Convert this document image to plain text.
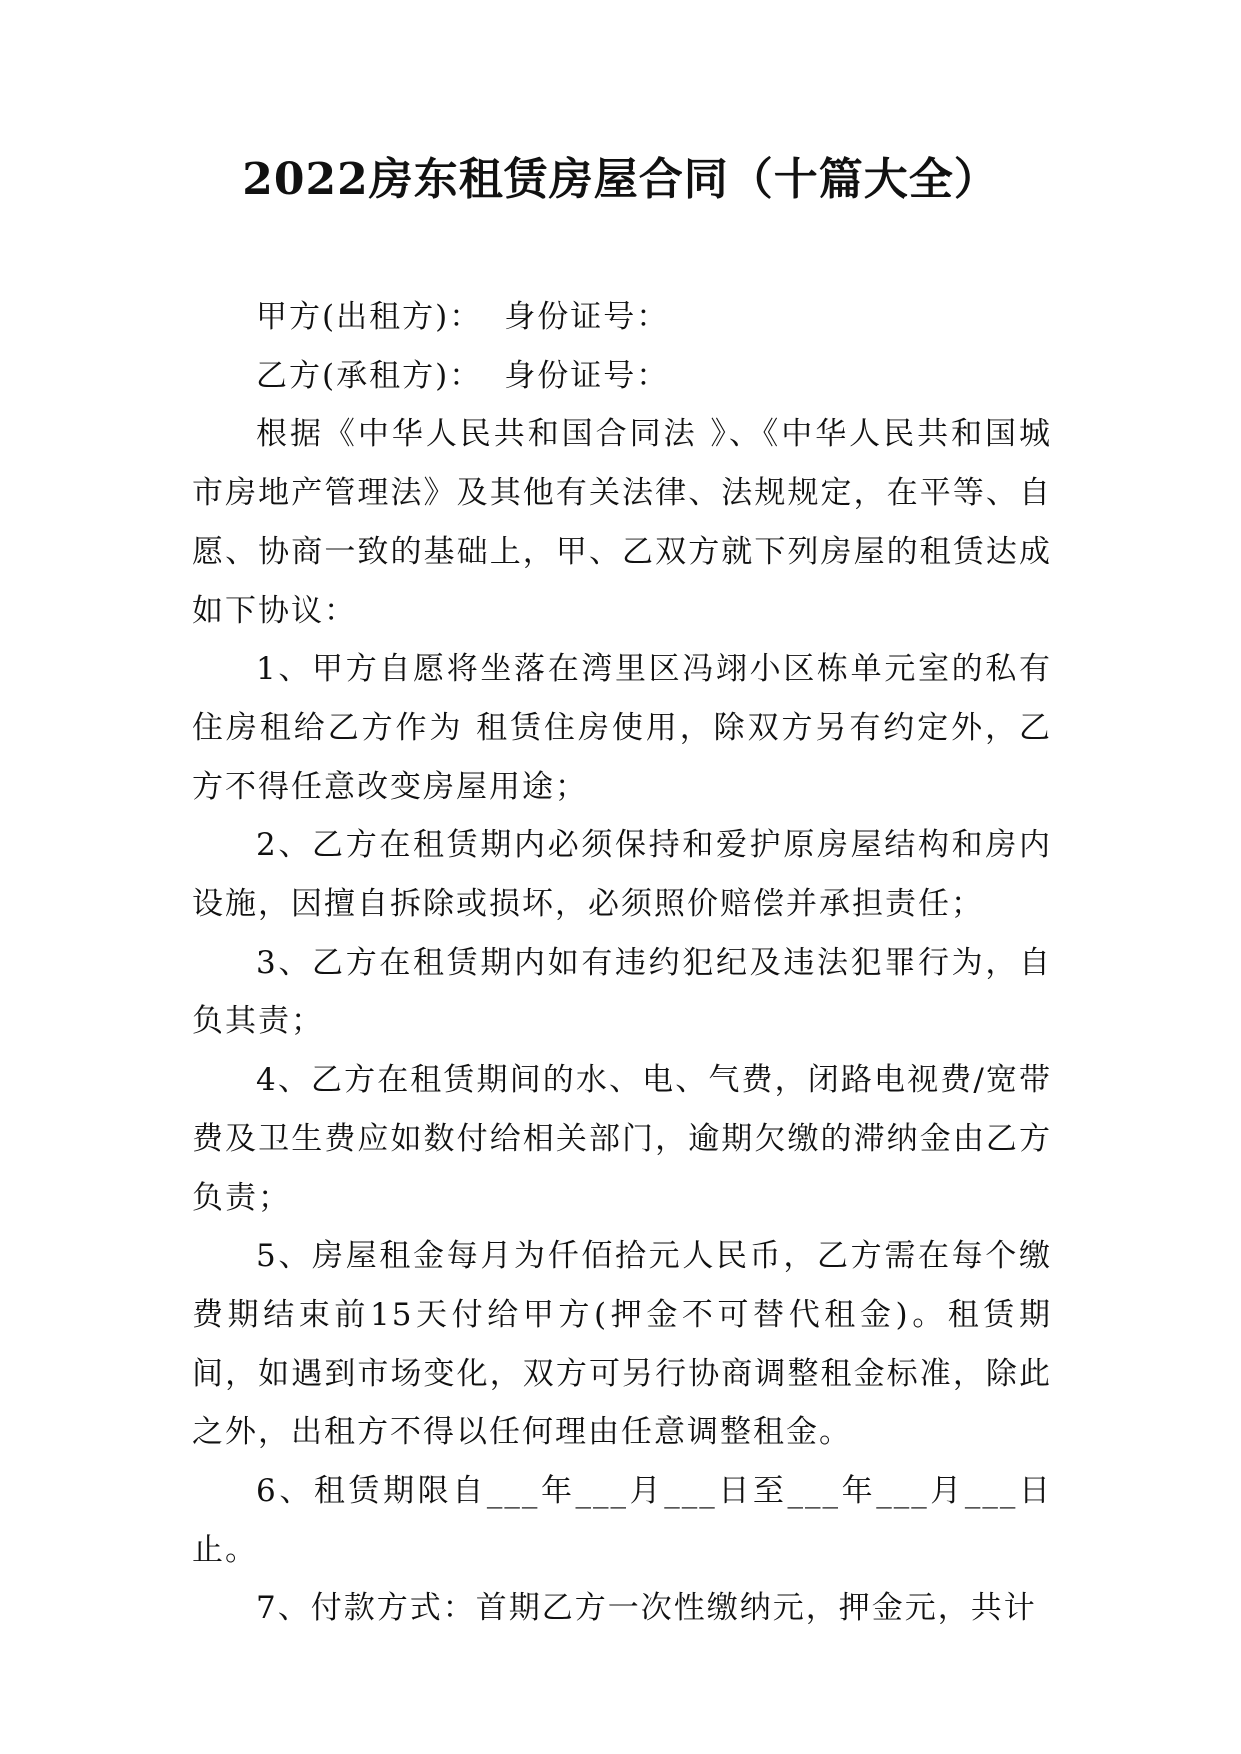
2022房东租赁房屋合同（十篇大全）

甲方(出租方)： 身份证号：

乙方(承租方)： 身份证号：

根据《中华人民共和国合同法 》、《中华人民共和国城市房地产管理法》及其他有关法律、法规规定，在平等、自愿、协商一致的基础上，甲、乙双方就下列房屋的租赁达成如下协议：

1、甲方自愿将坐落在湾里区冯翊小区栋单元室的私有住房租给乙方作为 租赁住房使用，除双方另有约定外，乙方不得任意改变房屋用途；

2、乙方在租赁期内必须保持和爱护原房屋结构和房内设施，因擅自拆除或损坏，必须照价赔偿并承担责任；

3、乙方在租赁期内如有违约犯纪及违法犯罪行为，自负其责；

4、乙方在租赁期间的水、电、气费，闭路电视费/宽带费及卫生费应如数付给相关部门，逾期欠缴的滞纳金由乙方负责；

5、房屋租金每月为仟佰拾元人民币，乙方需在每个缴费期结束前15天付给甲方(押金不可替代租金)。租赁期间，如遇到市场变化，双方可另行协商调整租金标准，除此之外，出租方不得以任何理由任意调整租金。

6、租赁期限自___年___月___日至___年___月___日止。

7、付款方式：首期乙方一次性缴纳元，押金元，共计
